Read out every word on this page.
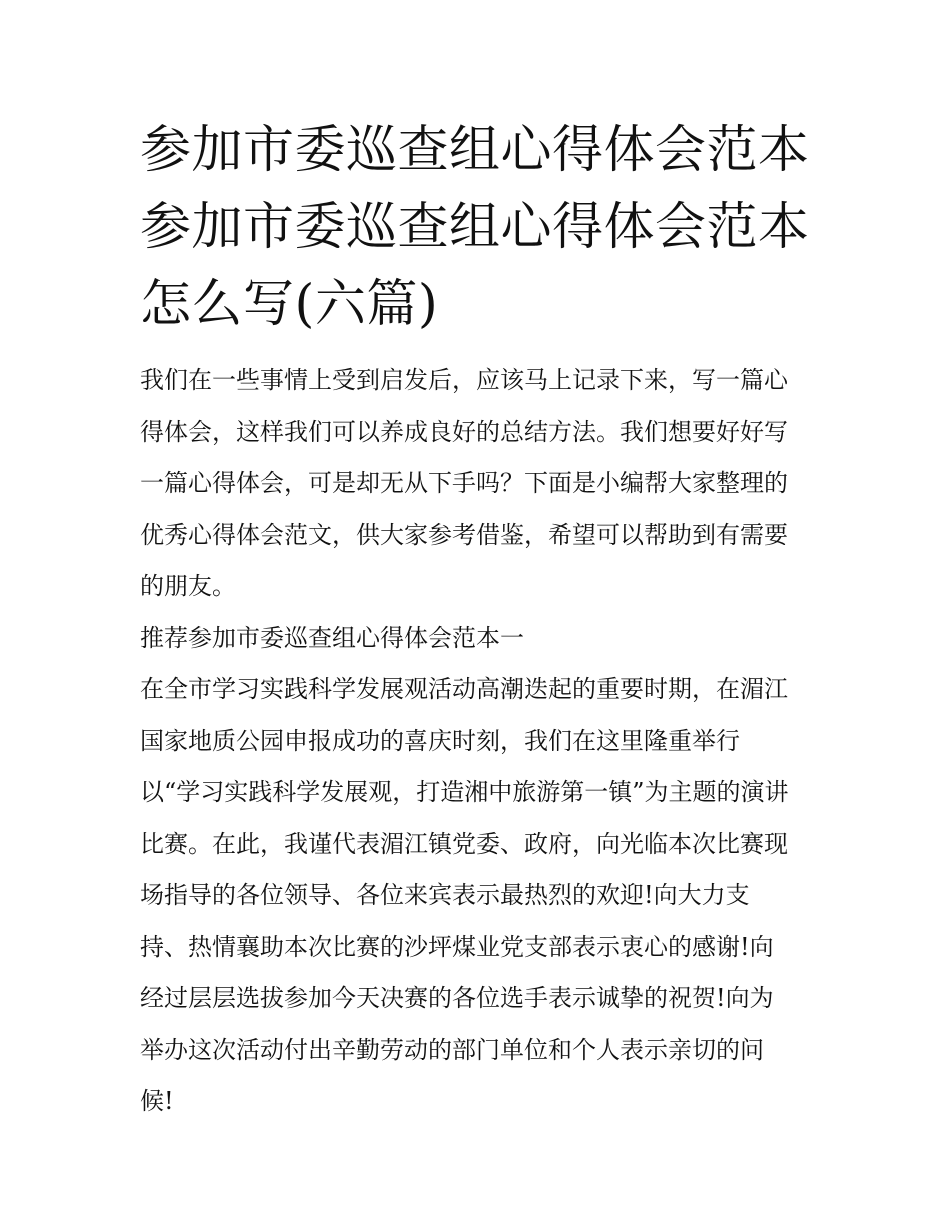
参加市委巡查组心得体会范本
参加市委巡查组心得体会范本
怎么写(六篇)
我们在一些事情上受到启发后，应该马上记录下来，写一篇心
得体会，这样我们可以养成良好的总结方法。我们想要好好写
一篇心得体会，可是却无从下手吗？下面是小编帮大家整理的
优秀心得体会范文，供大家参考借鉴，希望可以帮助到有需要
的朋友。
推荐参加市委巡查组心得体会范本一
在全市学习实践科学发展观活动高潮迭起的重要时期，在湄江
国家地质公园申报成功的喜庆时刻，我们在这里隆重举行
以“学习实践科学发展观，打造湘中旅游第一镇”为主题的演讲
比赛。在此，我谨代表湄江镇党委、政府，向光临本次比赛现
场指导的各位领导、各位来宾表示最热烈的欢迎!向大力支
持、热情襄助本次比赛的沙坪煤业党支部表示衷心的感谢!向
经过层层选拔参加今天决赛的各位选手表示诚挚的祝贺!向为
举办这次活动付出辛勤劳动的部门单位和个人表示亲切的问
候!
